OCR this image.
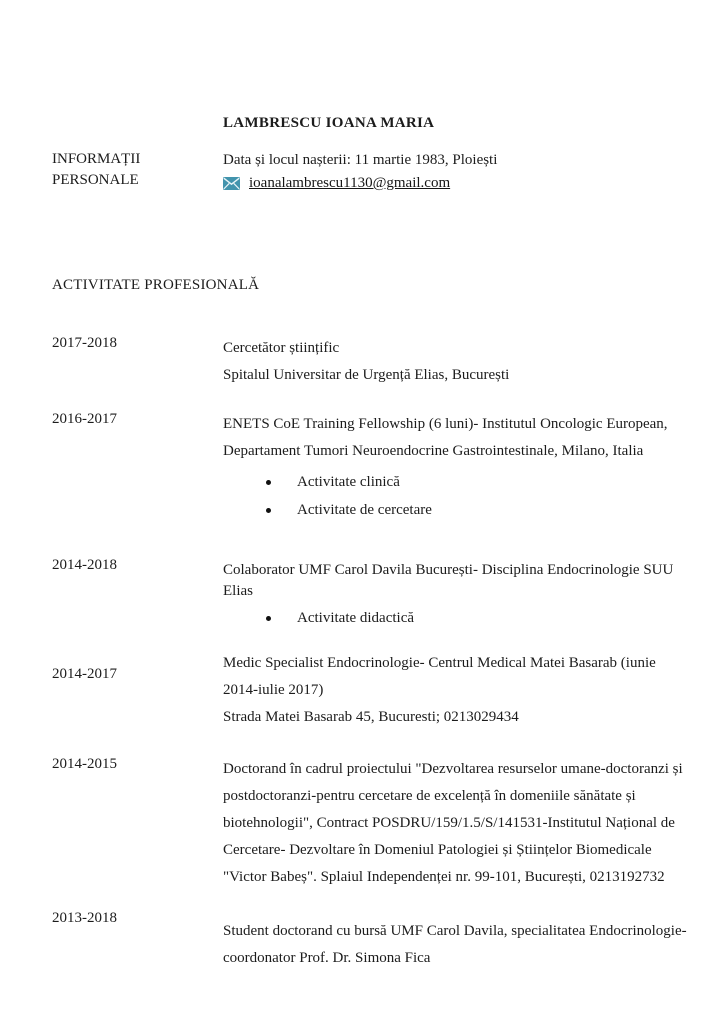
LAMBRESCU IOANA MARIA
INFORMAȚII
PERSONALE
Data și locul nașterii: 11 martie 1983, Ploiești
ioanalambrescu1130@gmail.com
ACTIVITATE PROFESIONALĂ
2017-2018	Cercetător științific
Spitalul Universitar de Urgență Elias, București
2016-2017	ENETS CoE Training Fellowship (6 luni)- Institutul Oncologic European,
Departament Tumori Neuroendocrine Gastrointestinale, Milano, Italia
Activitate clinică
Activitate de cercetare
2014-2018	Colaborator UMF Carol Davila București- Disciplina Endocrinologie SUU
Elias
Activitate didactică
2014-2017
Medic Specialist Endocrinologie- Centrul Medical Matei Basarab (iunie
2014-iulie 2017)
Strada Matei Basarab 45, Bucuresti; 0213029434
2014-2015	Doctorand în cadrul proiectului "Dezvoltarea resurselor umane-doctoranzi și
postdoctoranzi-pentru cercetare de excelență în domeniile sănătate și
biotehnologii", Contract POSDRU/159/1.5/S/141531-Institutul Național de
Cercetare- Dezvoltare în Domeniul Patologiei și Științelor Biomedicale
"Victor Babeș". Splaiul Independenței nr. 99-101, București, 0213192732
2013-2018
Student doctorand cu bursă UMF Carol Davila, specialitatea Endocrinologie-
coordonator Prof. Dr. Simona Fica
